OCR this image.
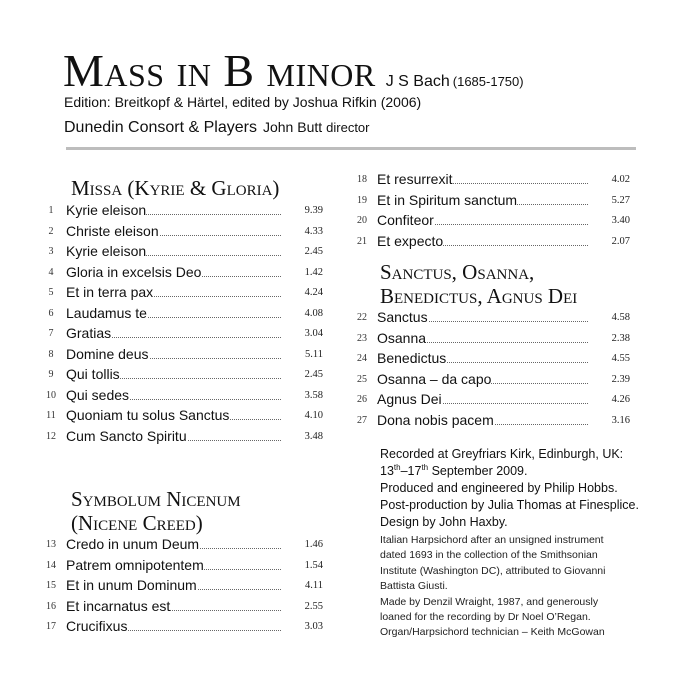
Mass in B minor J S Bach (1685-1750)
Edition: Breitkopf & Härtel, edited by Joshua Rifkin (2006)
Dunedin Consort & Players John Butt director
Missa (Kyrie & Gloria)
1 Kyrie eleison	9.39
2 Christe eleison	4.33
3 Kyrie eleison	2.45
4 Gloria in excelsis Deo	1.42
5 Et in terra pax	4.24
6 Laudamus te	4.08
7 Gratias	3.04
8 Domine deus	5.11
9 Qui tollis	2.45
10 Qui sedes	3.58
11 Quoniam tu solus Sanctus	4.10
12 Cum Sancto Spiritu	3.48
Symbolum Nicenum
(Nicene Creed)
13 Credo in unum Deum	1.46
14 Patrem omnipotentem	1.54
15 Et in unum Dominum	4.11
16 Et incarnatus est	2.55
17 Crucifixus	3.03
18 Et resurrexit	4.02
19 Et in Spiritum sanctum	5.27
20 Confiteor	3.40
21 Et expecto	2.07
Sanctus, Osanna,
Benedictus, Agnus Dei
22 Sanctus	4.58
23 Osanna	2.38
24 Benedictus	4.55
25 Osanna – da capo	2.39
26 Agnus Dei	4.26
27 Dona nobis pacem	3.16
Recorded at Greyfriars Kirk, Edinburgh, UK:
13th–17th September 2009.
Produced and engineered by Philip Hobbs.
Post-production by Julia Thomas at Finesplice.
Design by John Haxby.
Italian Harpsichord after an unsigned instrument
dated 1693 in the collection of the Smithsonian
Institute (Washington DC), attributed to Giovanni
Battista Giusti.
Made by Denzil Wraight, 1987, and generously
loaned for the recording by Dr Noel O’Regan.
Organ/Harpsichord technician – Keith McGowan
